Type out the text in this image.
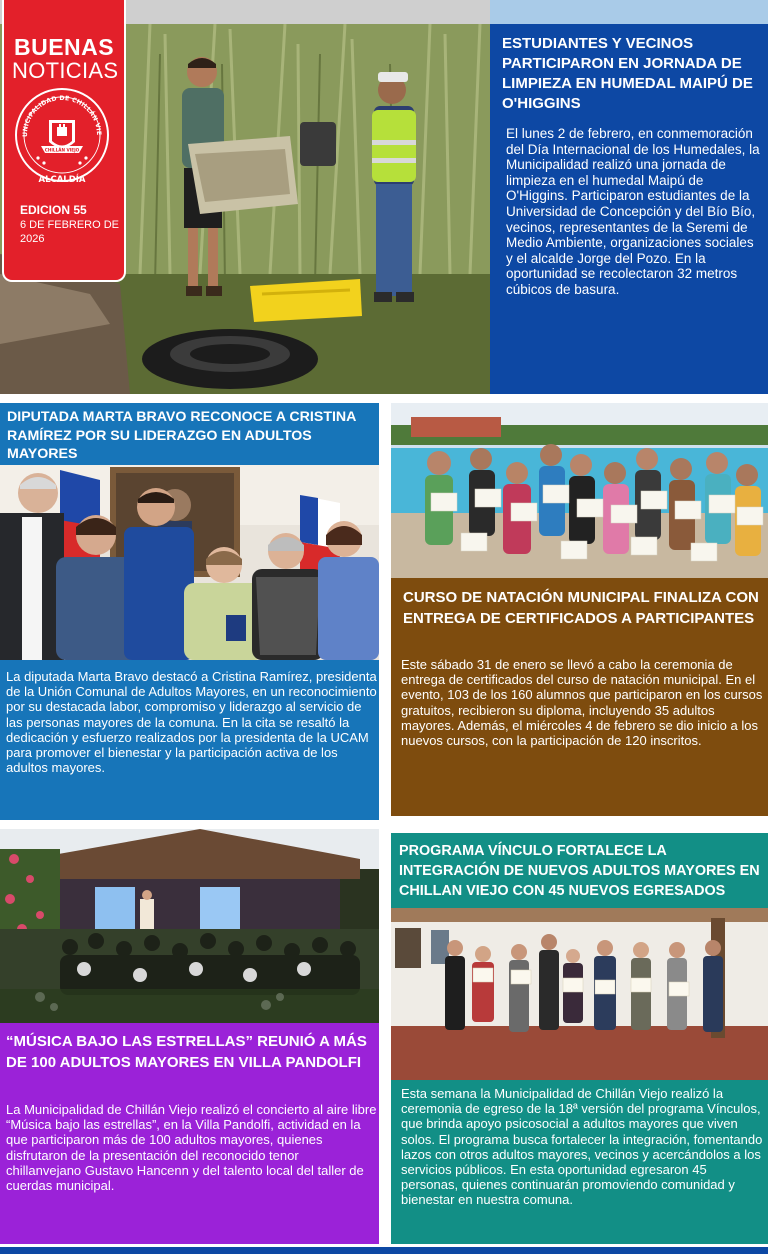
BUENAS
NOTICIAS
UNICIPALIDAD DE CHILLÁN VIE
CHILLÁN VIEJO
ALCALDÍA
EDICION 55
6 DE FEBRERO DE 2026
ESTUDIANTES Y VECINOS PARTICIPARON EN JORNADA DE LIMPIEZA EN HUMEDAL MAIPÚ DE O'HIGGINS
El lunes 2 de febrero, en conmemoración del Día Internacional de los Humedales, la Municipalidad realizó una jornada de limpieza en el humedal Maipú de O'Higgins. Participaron estudiantes de la Universidad de Concepción y del Bío Bío, vecinos, representantes de la Seremi de Medio Ambiente, organizaciones sociales y el alcalde Jorge del Pozo. En la oportunidad se recolectaron 32 metros cúbicos de basura.
DIPUTADA MARTA BRAVO RECONOCE A CRISTINA RAMÍREZ POR SU LIDERAZGO EN ADULTOS MAYORES
La diputada Marta Bravo destacó a Cristina Ramírez, presidenta de la Unión Comunal de Adultos Mayores, en un reconocimiento por su destacada labor, compromiso y liderazgo al servicio de las personas mayores de la comuna. En la cita se resaltó la dedicación y esfuerzo realizados por la presidenta de la UCAM para promover el bienestar y la participación activa de los adultos mayores.
CURSO DE NATACIÓN MUNICIPAL FINALIZA CON ENTREGA DE CERTIFICADOS A PARTICIPANTES
Este sábado 31 de enero se llevó a cabo la ceremonia de entrega de certificados del curso de natación municipal. En el evento, 103 de los 160 alumnos que participaron en los cursos gratuitos, recibieron su diploma, incluyendo 35 adultos mayores. Además, el miércoles 4 de febrero se dio inicio a los nuevos cursos, con la participación de 120 inscritos.
“MÚSICA BAJO LAS ESTRELLAS” REUNIÓ A MÁS DE 100 ADULTOS MAYORES EN VILLA PANDOLFI
La Municipalidad de Chillán Viejo realizó el concierto al aire libre “Música bajo las estrellas”, en la Villa Pandolfi, actividad en la que participaron más de 100 adultos mayores, quienes disfrutaron de la presentación del reconocido tenor chillanvejano Gustavo Hancenn y del talento local del taller de cuerdas municipal.
PROGRAMA VÍNCULO FORTALECE LA INTEGRACIÓN DE NUEVOS ADULTOS MAYORES EN CHILLAN VIEJO CON 45 NUEVOS EGRESADOS
Esta semana la Municipalidad de Chillán Viejo realizó la ceremonia de egreso de la 18ª versión del programa Vínculos, que brinda apoyo psicosocial a adultos mayores que viven solos. El programa busca fortalecer la integración, fomentando lazos con otros adultos mayores, vecinos y acercándolos a los servicios públicos. En esta oportunidad egresaron 45 personas, quienes continuarán promoviendo comunidad y bienestar en nuestra comuna.
